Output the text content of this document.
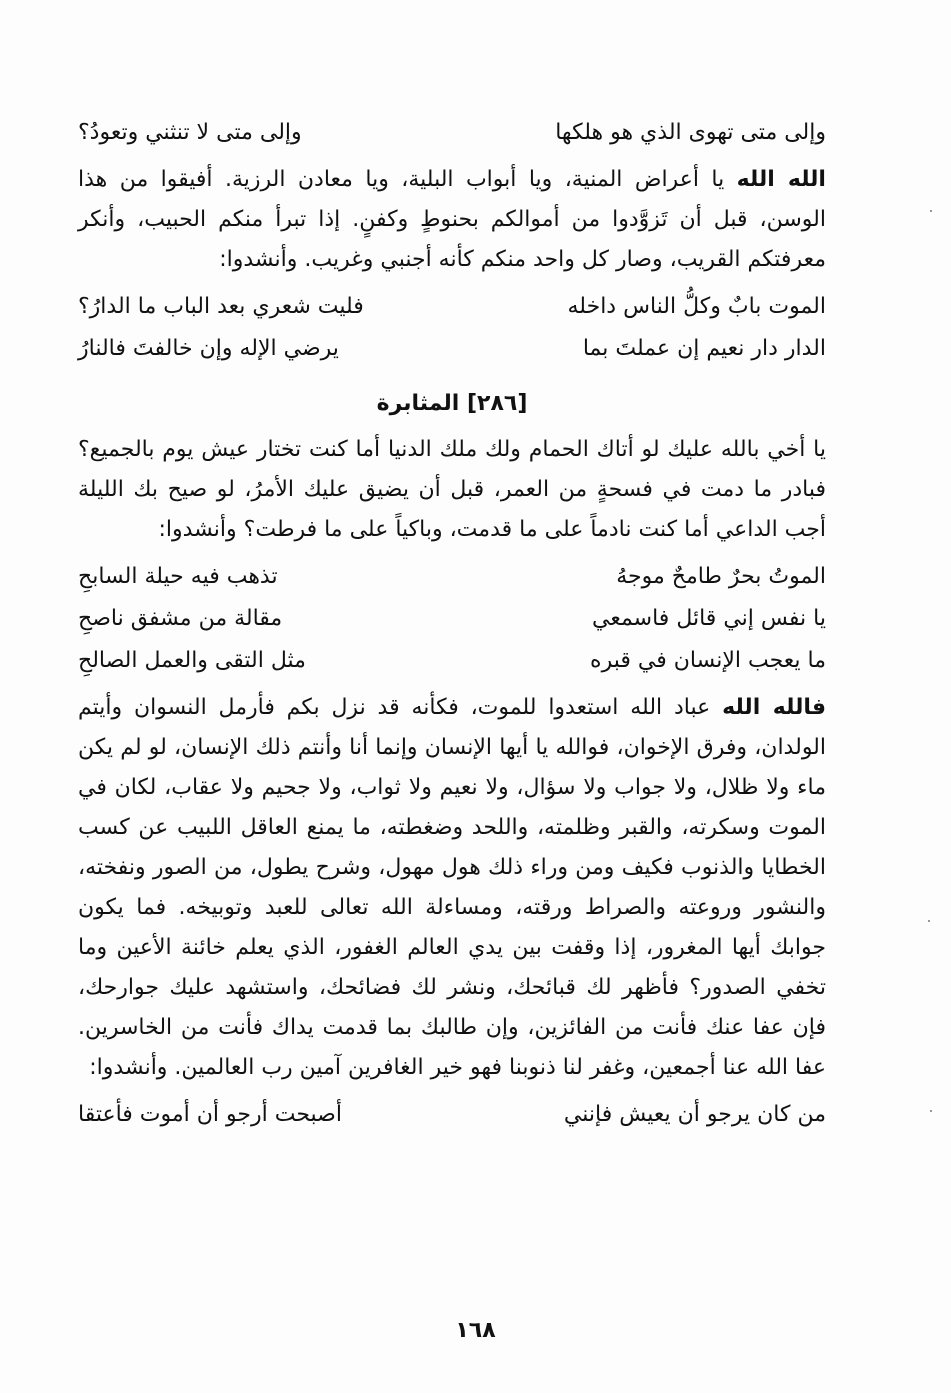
وإلى متى تهوى الذي هو هلكها
وإلى متى لا تنثني وتعودُ؟

الله الله يا أعراض المنية، ويا أبواب البلية، ويا معادن الرزية. أفيقوا من هذا الوسن، قبل أن تَزوَّدوا من أموالكم بحنوطٍ وكفنٍ. إذا تبرأ منكم الحبيب، وأنكر معرفتكم القريب، وصار كل واحد منكم كأنه أجنبي وغريب. وأنشدوا:

الموت بابٌ وكلُّ الناس داخله
فليت شعري بعد الباب ما الدارُ؟
الدار دار نعيم إن عملتَ بما
يرضي الإله وإن خالفتَ فالنارُ
[٢٨٦] المثابرة

يا أخي بالله عليك لو أتاك الحمام ولك ملك الدنيا أما كنت تختار عيش يوم بالجميع؟ فبادر ما دمت في فسحةٍ من العمر، قبل أن يضيق عليك الأمرُ، لو صيح بك الليلة أجب الداعي أما كنت نادماً على ما قدمت، وباكياً على ما فرطت؟ وأنشدوا:

الموتُ بحرٌ طامحٌ موجهُ
تذهب فيه حيلة السابحِ
يا نفس إني قائل فاسمعي
مقالة من مشفق ناصحِ
ما يعجب الإنسان في قبره
مثل التقى والعمل الصالحِ

فالله الله عباد الله استعدوا للموت، فكأنه قد نزل بكم فأرمل النسوان وأيتم الولدان، وفرق الإخوان، فوالله يا أيها الإنسان وإنما أنا وأنتم ذلك الإنسان، لو لم يكن ماء ولا ظلال، ولا جواب ولا سؤال، ولا نعيم ولا ثواب، ولا جحيم ولا عقاب، لكان في الموت وسكرته، والقبر وظلمته، واللحد وضغطته، ما يمنع العاقل اللبيب عن كسب الخطايا والذنوب فكيف ومن وراء ذلك هول مهول، وشرح يطول، من الصور ونفخته، والنشور وروعته والصراط ورقته، ومساءلة الله تعالى للعبد وتوبيخه. فما يكون جوابك أيها المغرور، إذا وقفت بين يدي العالم الغفور، الذي يعلم خائنة الأعين وما تخفي الصدور؟ فأظهر لك قبائحك، ونشر لك فضائحك، واستشهد عليك جوارحك، فإن عفا عنك فأنت من الفائزين، وإن طالبك بما قدمت يداك فأنت من الخاسرين. عفا الله عنا أجمعين، وغفر لنا ذنوبنا فهو خير الغافرين آمين رب العالمين. وأنشدوا:

من كان يرجو أن يعيش فإنني
أصبحت أرجو أن أموت فأعتقا
١٦٨
